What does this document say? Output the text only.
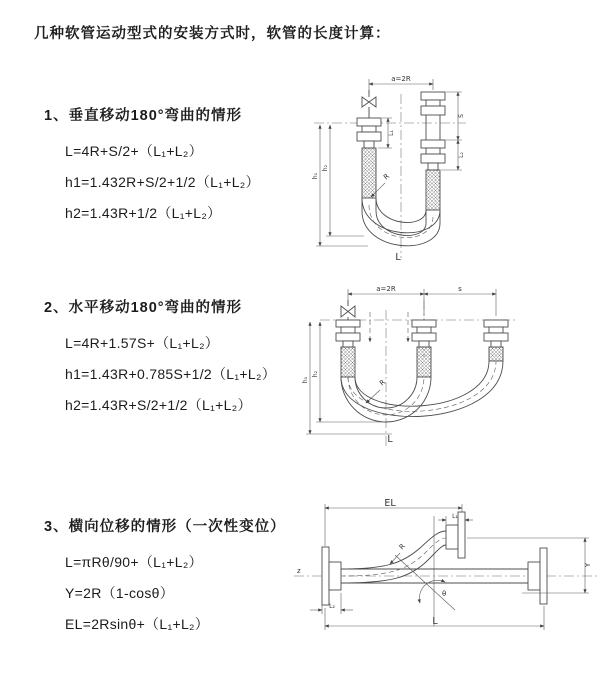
几种软管运动型式的安装方式时，软管的长度计算：
1、垂直移动180°弯曲的情形
L=4R+S/2+（L₁+L₂）
h1=1.432R+S/2+1/2（L₁+L₂）
h2=1.43R+1/2（L₁+L₂）
2、水平移动180°弯曲的情形
L=4R+1.57S+（L₁+L₂）
h1=1.43R+0.785S+1/2（L₁+L₂）
h2=1.43R+S/2+1/2（L₁+L₂）
3、横向位移的情形（一次性变位）
L=πRθ/90+（L₁+L₂）
Y=2R（1-cosθ）
EL=2Rsinθ+（L₁+L₂）
a=2R
R
h₁
h₂
L₁
S
L₂
L
a=2R	s
R
h₁
h₂
L
z
R
θ
EL
L₁
Y
L₂
L
